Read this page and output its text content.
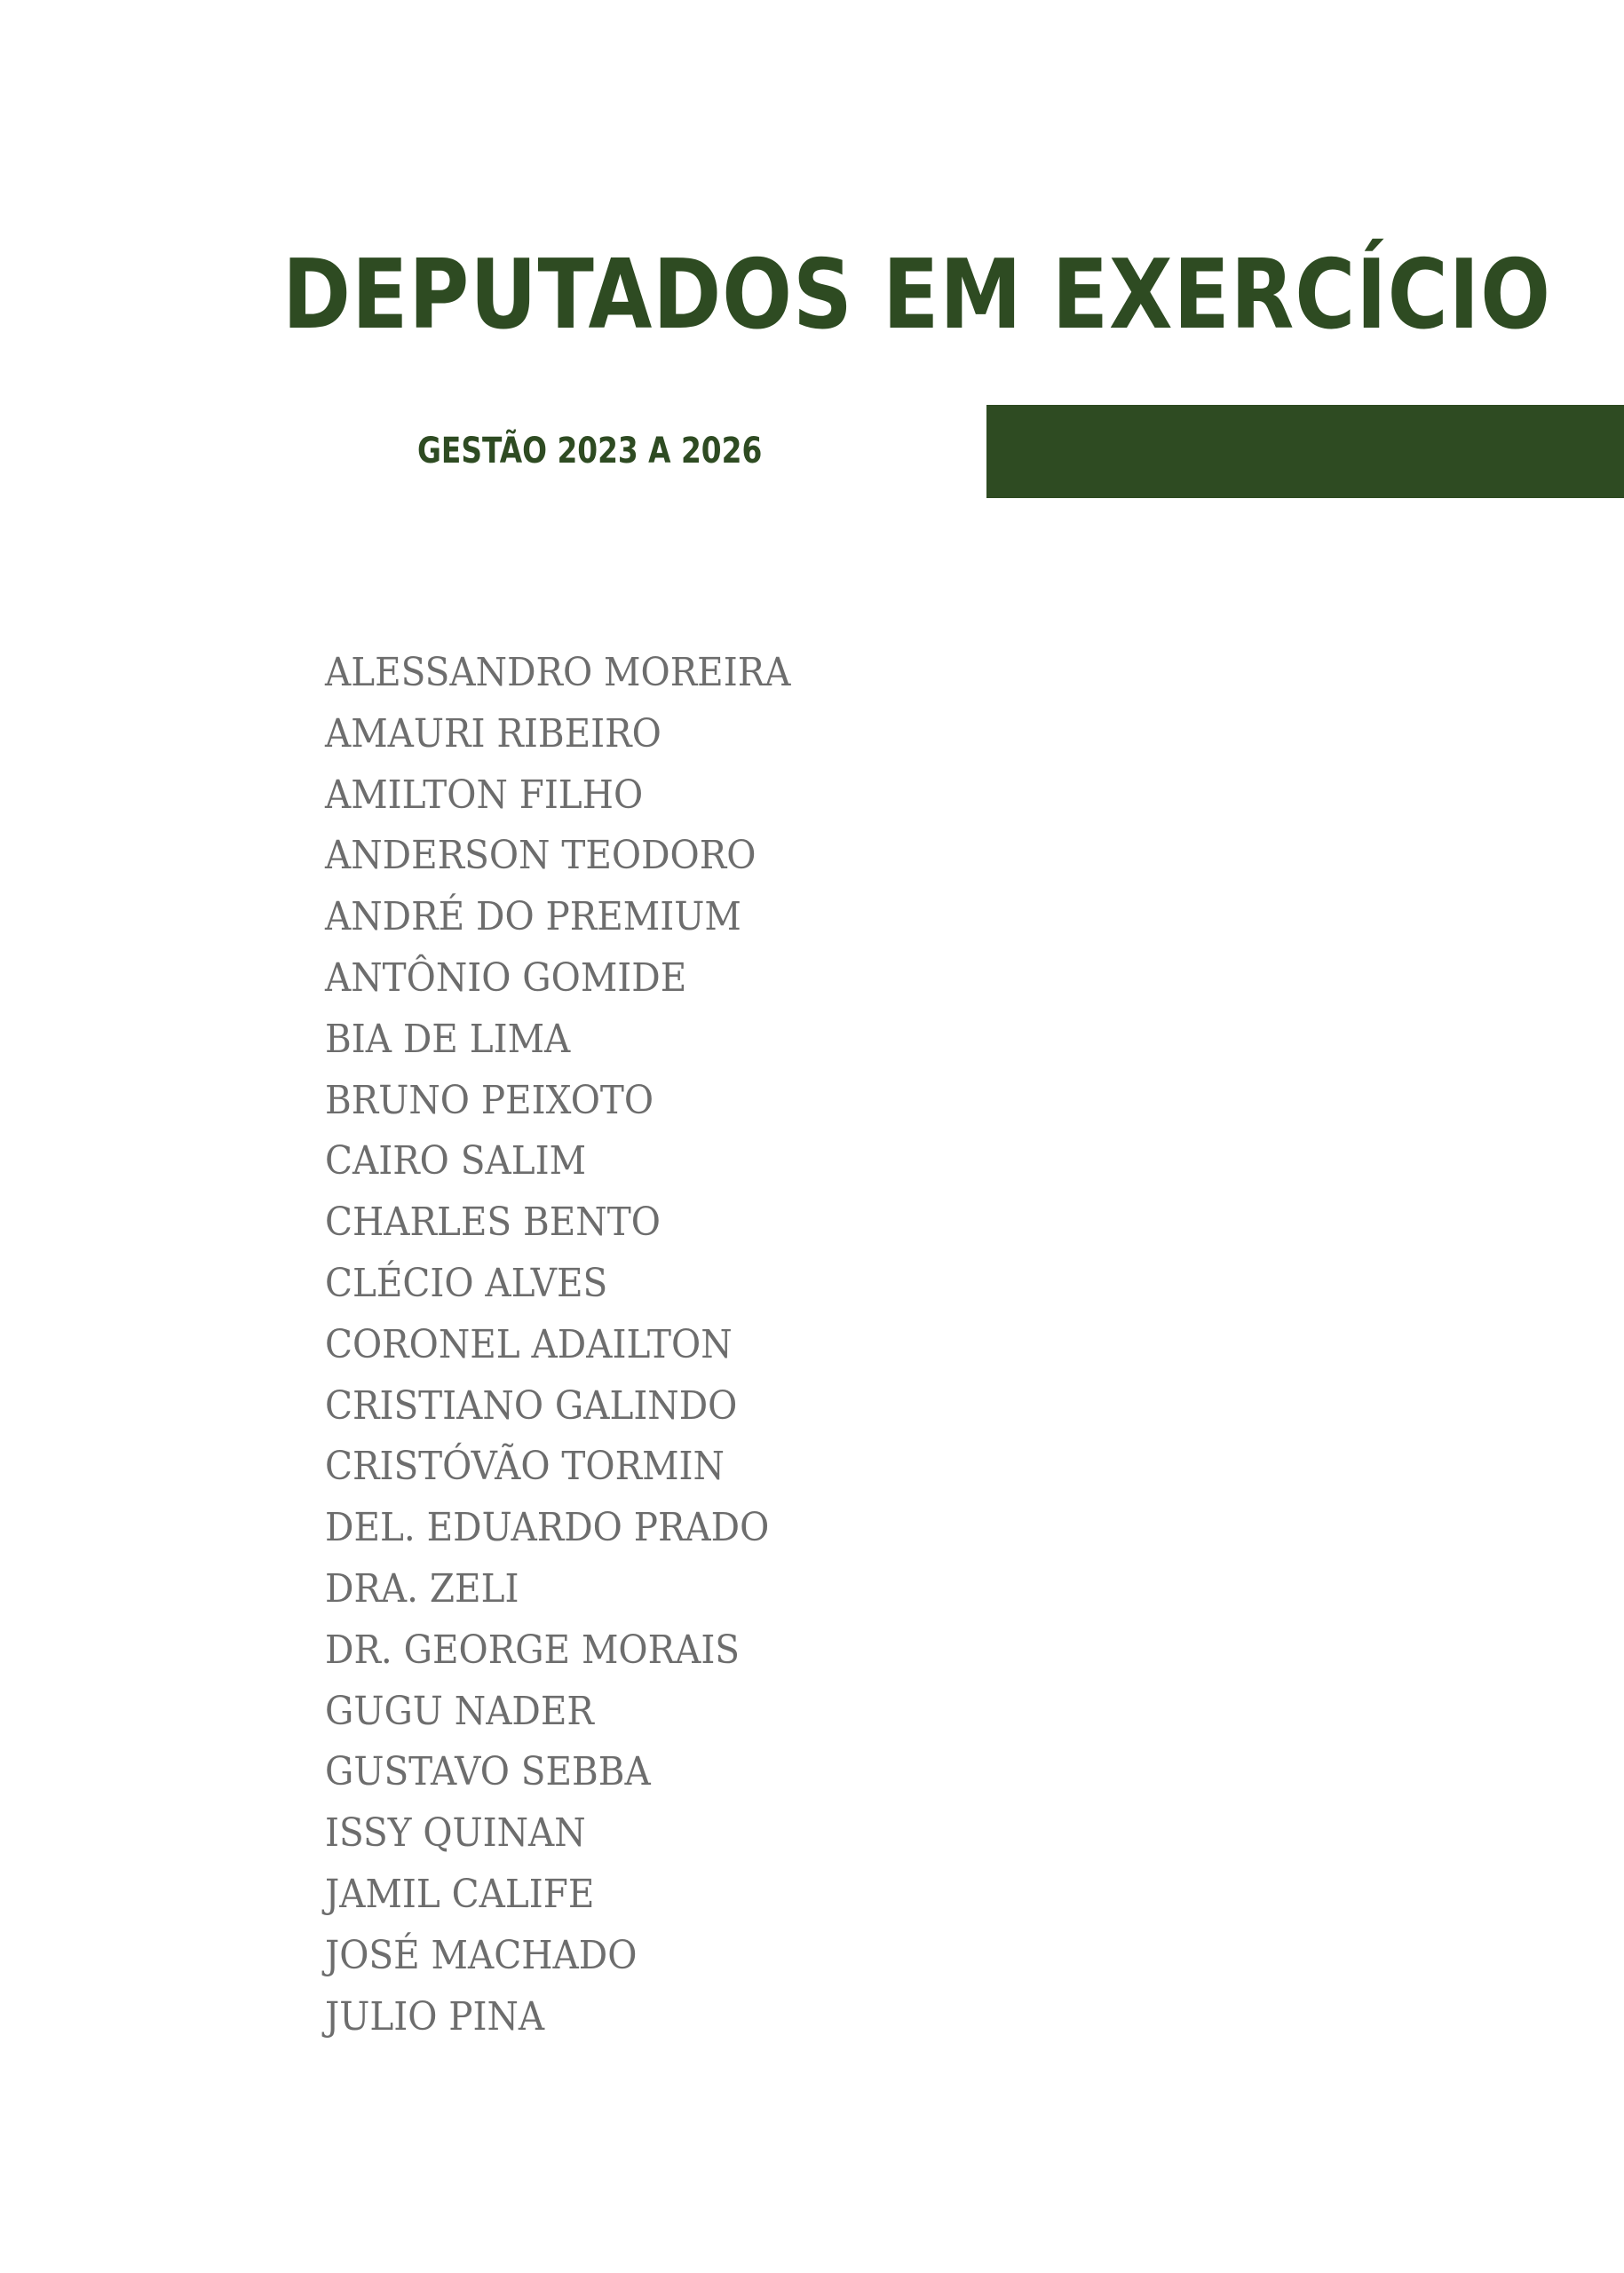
DEPUTADOS EM EXERCÍCIO
GESTÃO 2023 A 2026
ALESSANDRO MOREIRA
AMAURI RIBEIRO
AMILTON FILHO
ANDERSON TEODORO
ANDRÉ DO PREMIUM
ANTÔNIO GOMIDE
BIA DE LIMA
BRUNO PEIXOTO
CAIRO SALIM
CHARLES BENTO
CLÉCIO ALVES
CORONEL ADAILTON
CRISTIANO GALINDO
CRISTÓVÃO TORMIN
DEL. EDUARDO PRADO
DRA. ZELI
DR. GEORGE MORAIS
GUGU NADER
GUSTAVO SEBBA
ISSY QUINAN
JAMIL CALIFE
JOSÉ MACHADO
JULIO PINA
